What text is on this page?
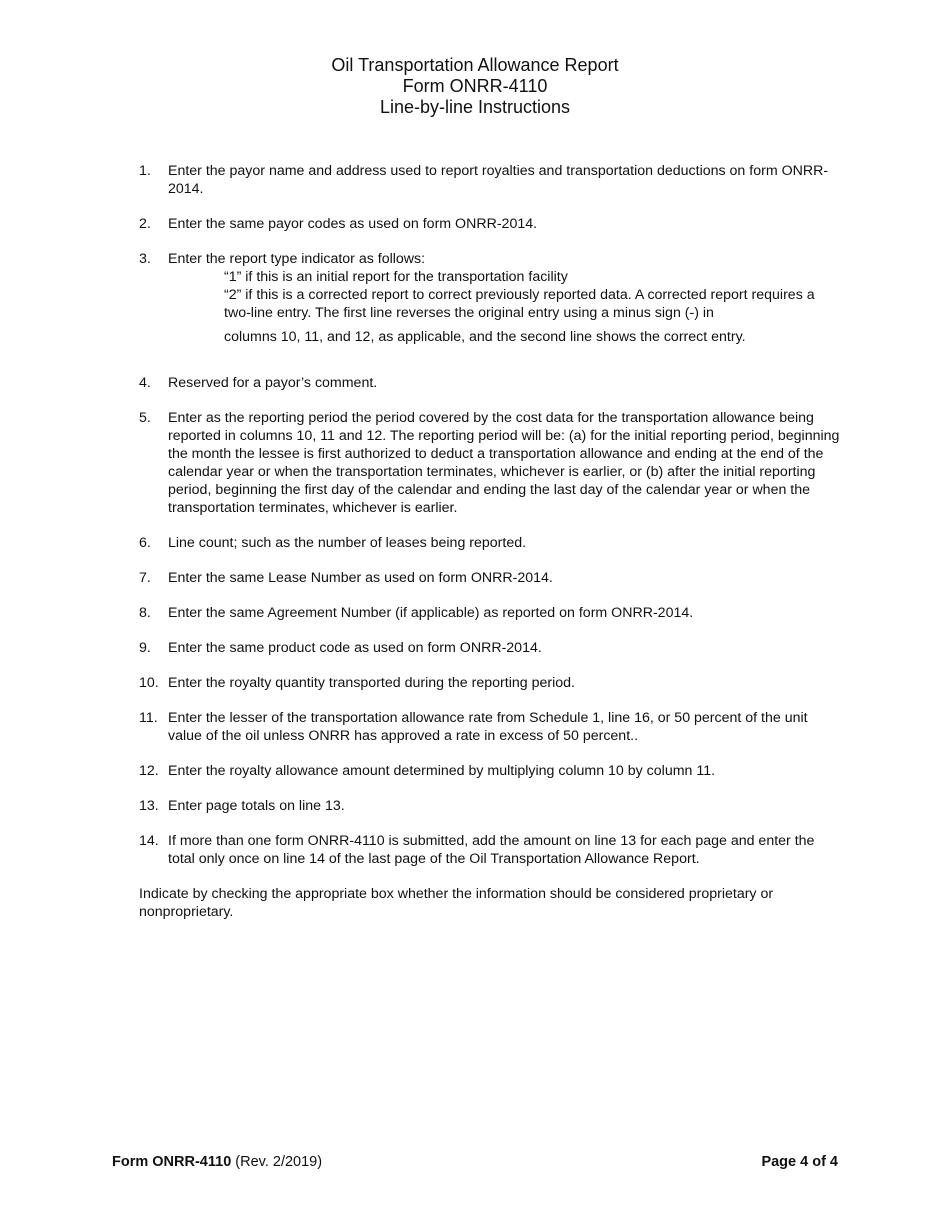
Oil Transportation Allowance Report
Form ONRR-4110
Line-by-line Instructions
1.	Enter the payor name and address used to report royalties and transportation deductions on form ONRR-2014.
2.	Enter the same payor codes as used on form ONRR-2014.
3.	Enter the report type indicator as follows:
“1” if this is an initial report for the transportation facility
“2” if this is a corrected report to correct previously reported data. A corrected report requires a two-line entry. The first line reverses the original entry using a minus sign (-) in
columns 10, 11, and 12, as applicable, and the second line shows the correct entry.
4.	Reserved for a payor’s comment.
5.	Enter as the reporting period the period covered by the cost data for the transportation allowance being reported in columns 10, 11 and 12. The reporting period will be: (a) for the initial reporting period, beginning the month the lessee is first authorized to deduct a transportation allowance and ending at the end of the calendar year or when the transportation terminates, whichever is earlier, or (b) after the initial reporting period, beginning the first day of the calendar and ending the last day of the calendar year or when the transportation terminates, whichever is earlier.
6.	Line count; such as the number of leases being reported.
7.	Enter the same Lease Number as used on form ONRR-2014.
8.	Enter the same Agreement Number (if applicable) as reported on form ONRR-2014.
9.	Enter the same product code as used on form ONRR-2014.
10. Enter the royalty quantity transported during the reporting period.
11. Enter the lesser of the transportation allowance rate from Schedule 1, line 16, or 50 percent of the unit value of the oil unless ONRR has approved a rate in excess of 50 percent..
12. Enter the royalty allowance amount determined by multiplying column 10 by column 11.
13. Enter page totals on line 13.
14. If more than one form ONRR-4110 is submitted, add the amount on line 13 for each page and enter the total only once on line 14 of the last page of the Oil Transportation Allowance Report.
Indicate by checking the appropriate box whether the information should be considered proprietary or nonproprietary.
Form ONRR-4110 (Rev. 2/2019)	Page 4 of 4
